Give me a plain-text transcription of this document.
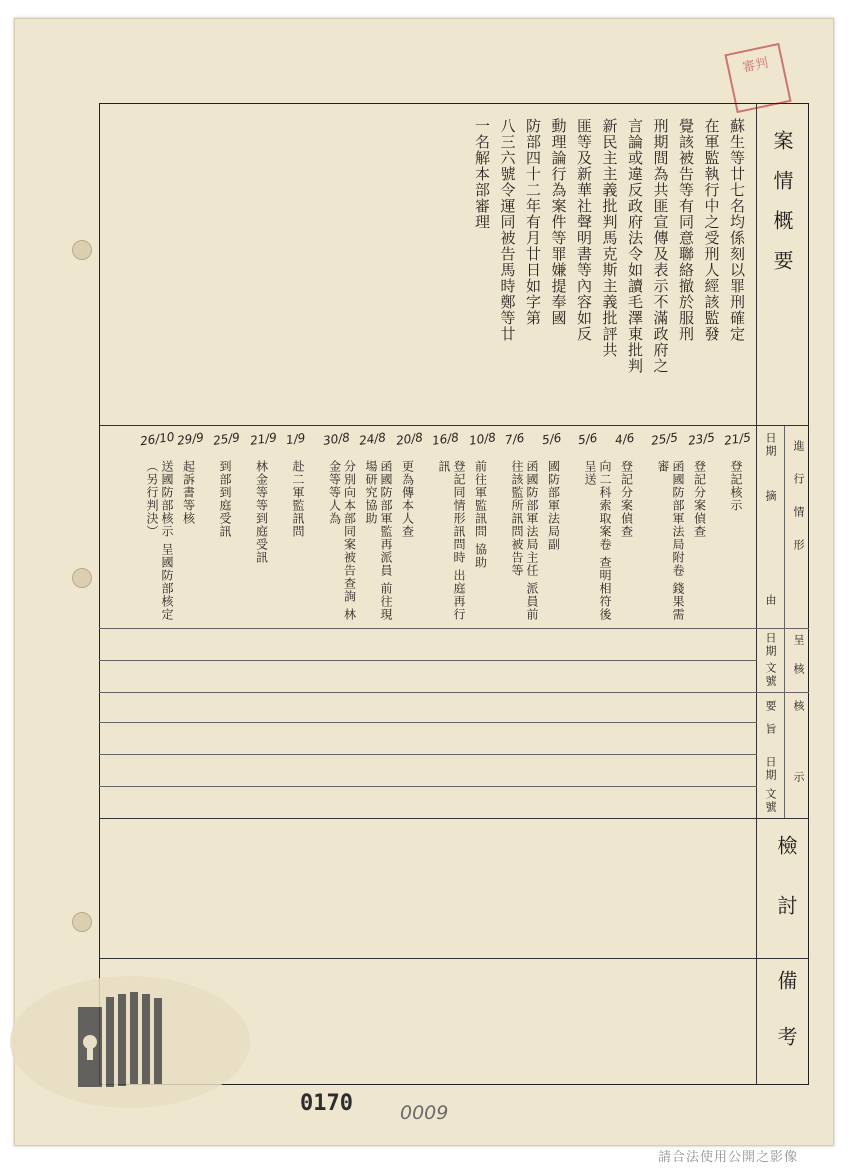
審判
案情概要
日期
摘
由
進行情形
日期
文號 呈核
要旨
日期
文號 核示
檢討
備考
蘇生等廿七名均係刻以罪刑確定
在軍監執行中之受刑人經該監發
覺該被告等有同意聯絡撤於服刑
刑期間為共匪宣傳及表示不滿政府之
言論或違反政府法令如讀毛澤東批判
新民主主義批判馬克斯主義批評共
匪等及新華社聲明書等內容如反
動理論行為案件等罪嫌提奉國
防部四十二年有月廿日如字第
八三六號令運同被告馬時鄭等廿
一名解本部審理
21/5
登記核示
23/5
登記分案偵查
25/5
函國防部軍法局附卷 錢果需審
4/6
登記分案偵查
5/6
向二科索取案卷 查明相符後呈送
5/6
國防部軍法局副
7/6
函國防部軍法局主任 派員前往該監所訊問被告等
10/8
前往軍監訊問 協助
16/8
登記同情形訊問時 出庭再行訊
20/8
更為傳本人查
24/8
函國防部軍監再派員 前往現場研究協助
30/8
分別向本部同案被告查詢 林金等等人為
1/9
赴二軍監訊問
21/9
林金等等到庭受訊
25/9
到部到庭受訊
29/9
起訴書等核
26/10
送國防部核示 呈國防部核定（另行判決）
0170 0009
請合法使用公開之影像
